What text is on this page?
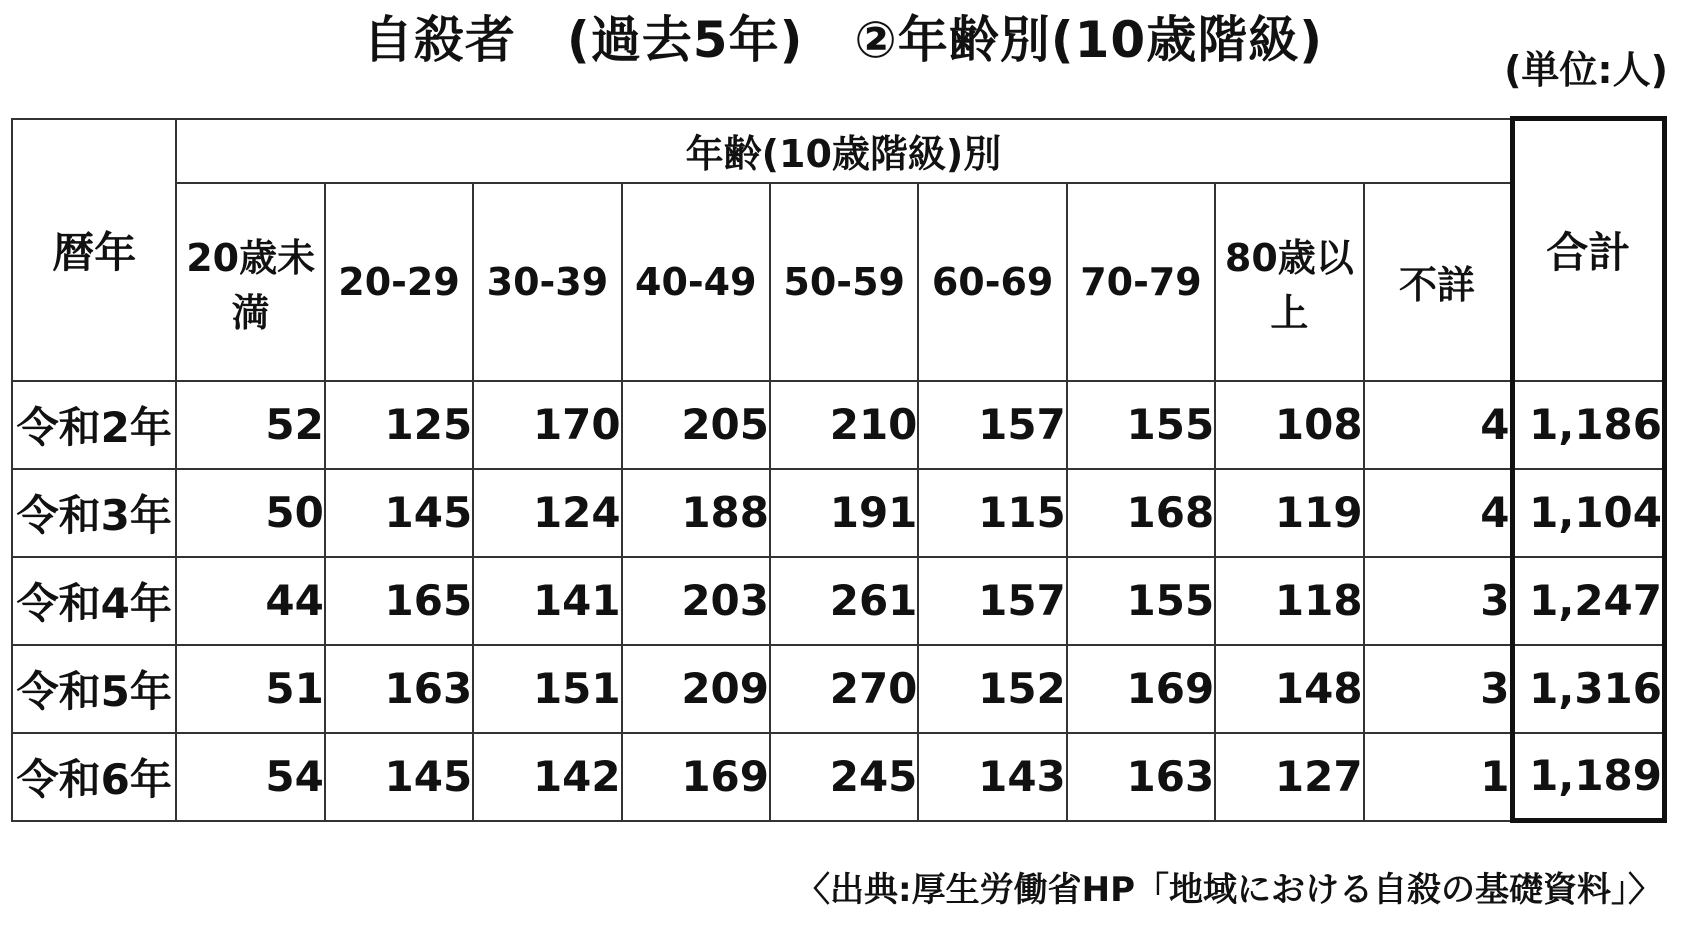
自殺者　(過去5年)　②年齢別(10歳階級)
(単位:人)
暦年	年齢(10歳階級)別									合計
	20歳未満	20-29	30-39	40-49	50-59	60-69	70-79	80歳以上	不詳	
令和2年	52	125	170	205	210	157	155	108	4	1,186
令和3年	50	145	124	188	191	115	168	119	4	1,104
令和4年	44	165	141	203	261	157	155	118	3	1,247
令和5年	51	163	151	209	270	152	169	148	3	1,316
令和6年	54	145	142	169	245	143	163	127	1	1,189
〈出典:厚生労働省HP「地域における自殺の基礎資料」〉
